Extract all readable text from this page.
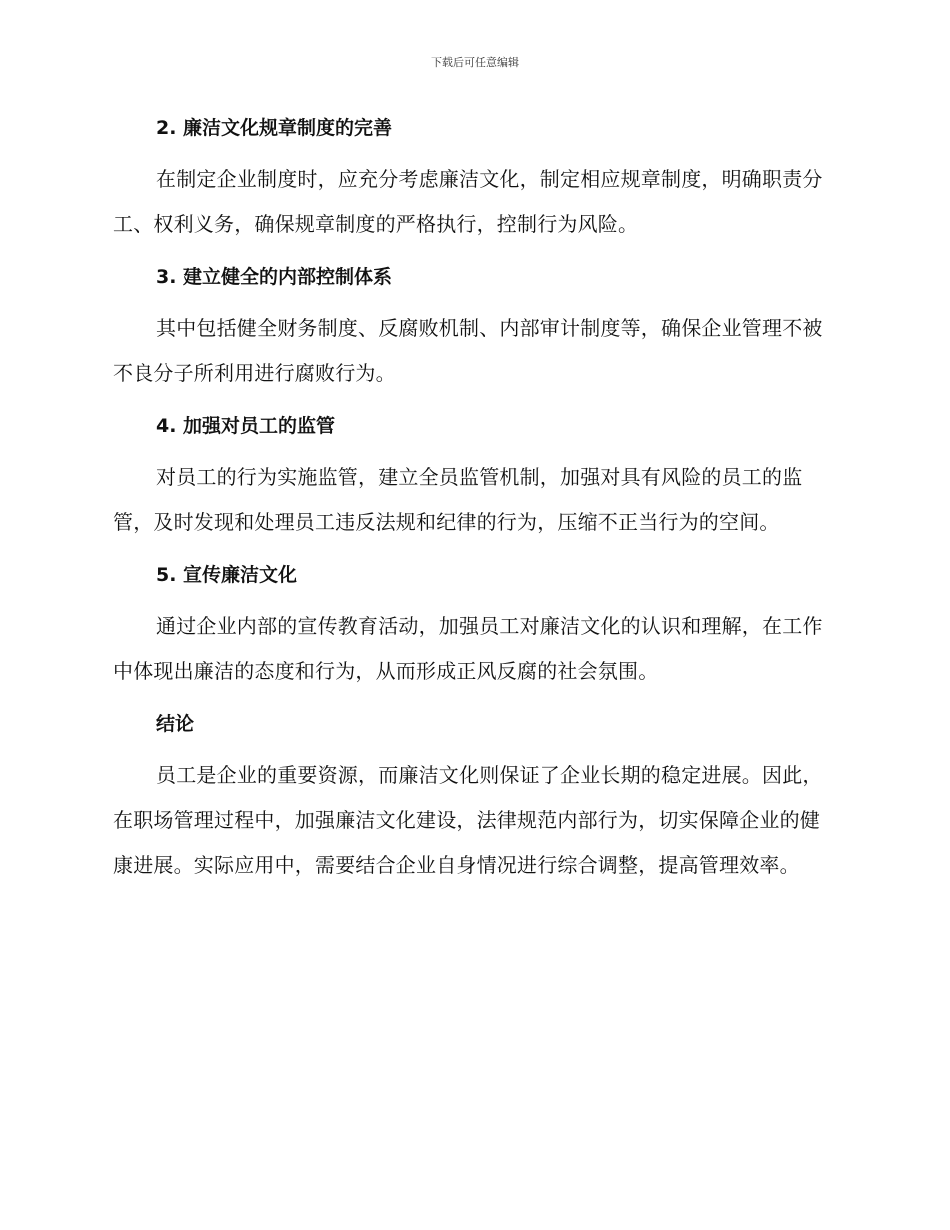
下载后可任意编辑
2. 廉洁文化规章制度的完善

在制定企业制度时，应充分考虑廉洁文化，制定相应规章制度，明确职责分工、权利义务，确保规章制度的严格执行，控制行为风险。

3. 建立健全的内部控制体系

其中包括健全财务制度、反腐败机制、内部审计制度等，确保企业管理不被不良分子所利用进行腐败行为。

4. 加强对员工的监管

对员工的行为实施监管，建立全员监管机制，加强对具有风险的员工的监管，及时发现和处理员工违反法规和纪律的行为，压缩不正当行为的空间。

5. 宣传廉洁文化

通过企业内部的宣传教育活动，加强员工对廉洁文化的认识和理解，在工作中体现出廉洁的态度和行为，从而形成正风反腐的社会氛围。

结论

员工是企业的重要资源，而廉洁文化则保证了企业长期的稳定进展。因此，在职场管理过程中，加强廉洁文化建设，法律规范内部行为，切实保障企业的健康进展。实际应用中，需要结合企业自身情况进行综合调整，提高管理效率。
